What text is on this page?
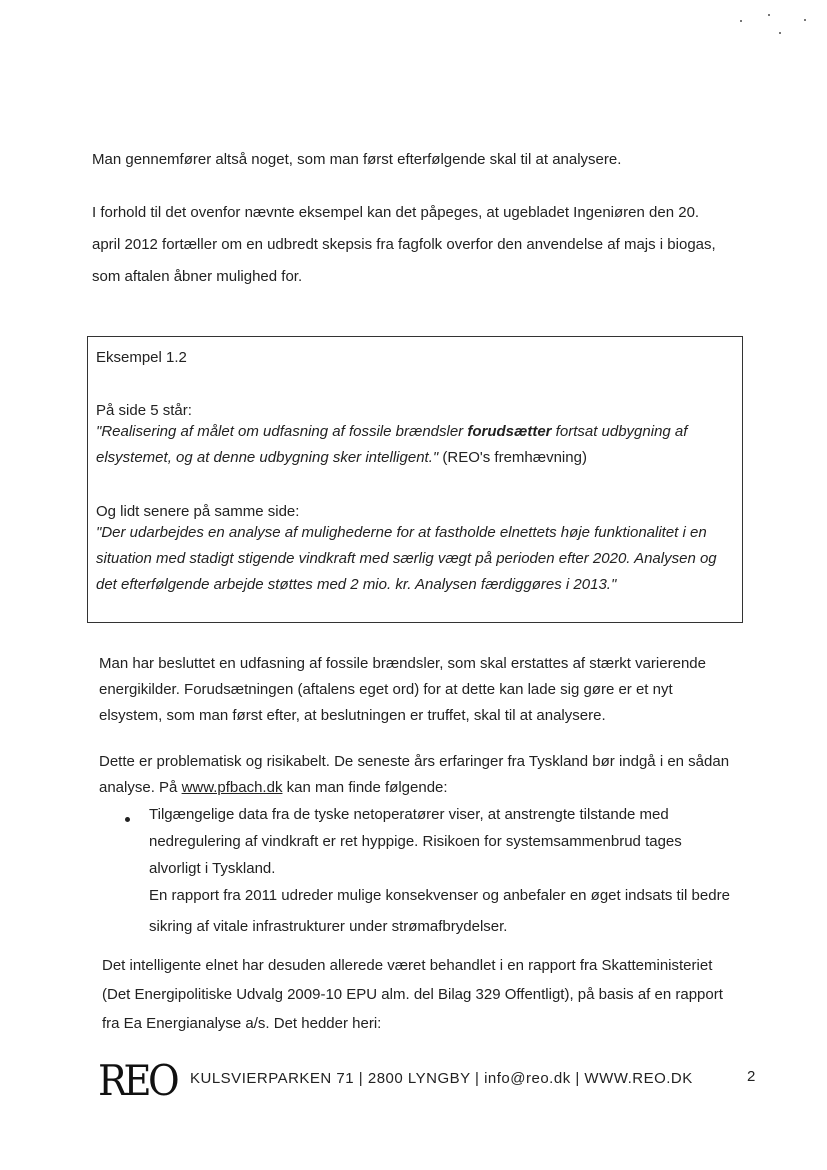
Man gennemfører altså noget, som man først efterfølgende skal til at analysere.
I forhold til det ovenfor nævnte eksempel kan det påpeges, at ugebladet Ingeniøren den 20.
april 2012 fortæller om en udbredt skepsis fra fagfolk overfor den anvendelse af majs i biogas,
som aftalen åbner mulighed for.
Eksempel 1.2
På side 5 står:
"Realisering af målet om udfasning af fossile brændsler forudsætter fortsat udbygning af
elsystemet, og at denne udbygning sker intelligent." (REO's fremhævning)
Og lidt senere på samme side:
"Der udarbejdes en analyse af mulighederne for at fastholde elnettets høje funktionalitet i en
situation med stadigt stigende vindkraft med særlig vægt på perioden efter 2020. Analysen og
det efterfølgende arbejde støttes med 2 mio. kr. Analysen færdiggøres i 2013."
Man har besluttet en udfasning af fossile brændsler, som skal erstattes af stærkt varierende
energikilder. Forudsætningen (aftalens eget ord) for at dette kan lade sig gøre er et nyt
elsystem, som man først efter, at beslutningen er truffet, skal til at analysere.
Dette er problematisk og risikabelt. De seneste års erfaringer fra Tyskland bør indgå i en sådan
analyse. På www.pfbach.dk kan man finde følgende:
Tilgængelige data fra de tyske netoperatører viser, at anstrengte tilstande med
nedregulering af vindkraft er ret hyppige. Risikoen for systemsammenbrud tages
alvorligt i Tyskland.
En rapport fra 2011 udreder mulige konsekvenser og anbefaler en øget indsats til bedre
sikring af vitale infrastrukturer under strømafbrydelser.
Det intelligente elnet har desuden allerede været behandlet i en rapport fra Skatteministeriet
(Det Energipolitiske Udvalg 2009-10 EPU alm. del Bilag 329 Offentligt), på basis af en rapport
fra Ea Energianalyse a/s. Det hedder heri:
REO KULSVIERPARKEN 71 | 2800 LYNGBY | info@reo.dk | WWW.REO.DK	2
